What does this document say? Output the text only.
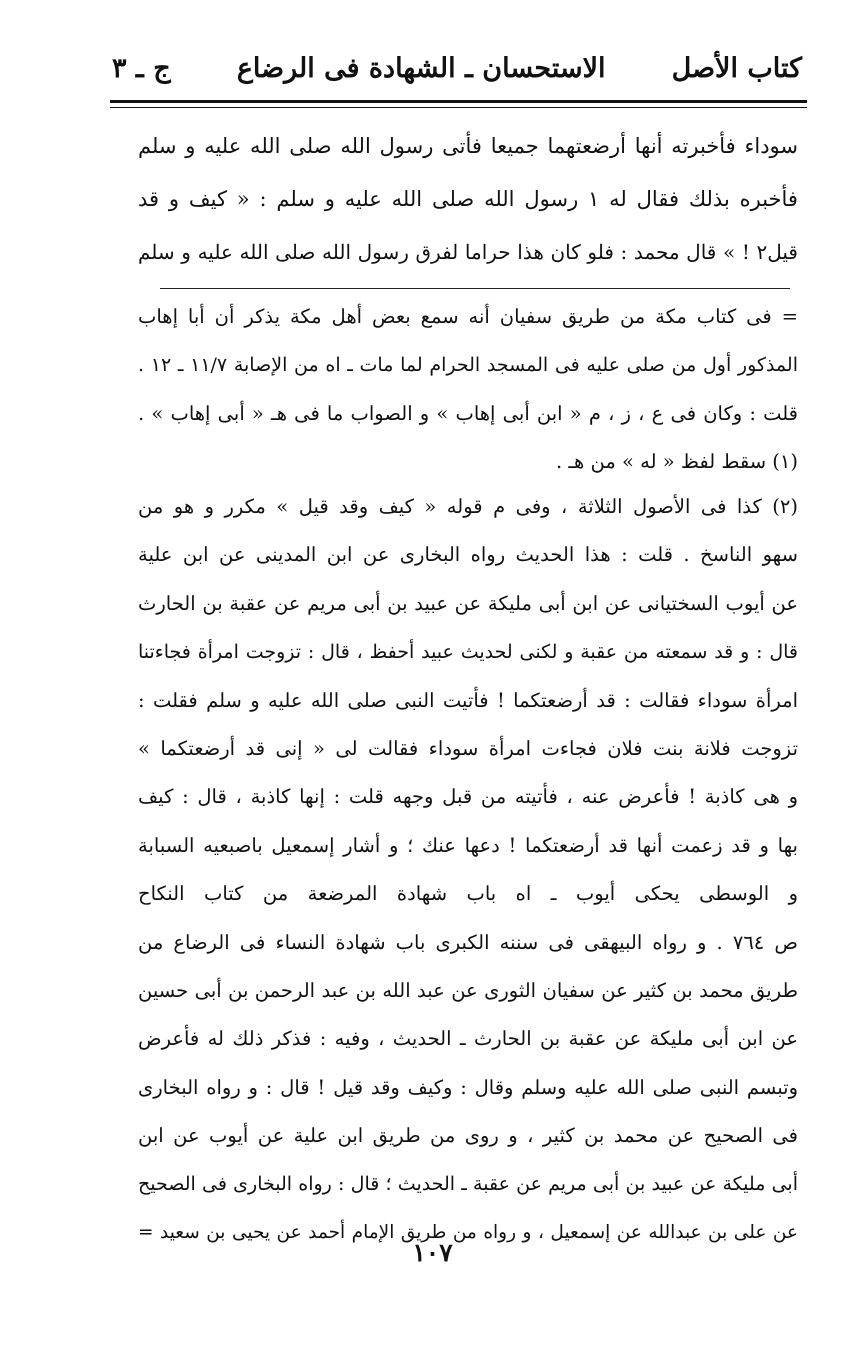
كتاب الأصل
الاستحسان ـ الشهادة فى الرضاع
ج ـ ٣
سوداء فأخبرته أنها أرضعتهما جميعا فأتى رسول الله صلى الله عليه و سلم
فأخبره بذلك فقال له ١ رسول الله صلى الله عليه و سلم : « كيف و قد
قيل٢ ! » قال محمد : فلو كان هذا حراما لفرق رسول الله صلى الله عليه و سلم
= فى كتاب مكة من طريق سفيان أنه سمع بعض أهل مكة يذكر أن أبا إهاب
المذكور أول من صلى عليه فى المسجد الحرام لما مات ـ اه من الإصابة ١١/٧ ـ ١٢ .
قلت : وكان فى ع ، ز ، م « ابن أبى إهاب » و الصواب ما فى هـ « أبى إهاب » .
(١) سقط لفظ « له » من هـ .
(٢) كذا فى الأصول الثلاثة ، وفى م قوله « كيف وقد قيل » مكرر و هو من
سهو الناسخ . قلت : هذا الحديث رواه البخارى عن ابن المدينى عن ابن علية
عن أيوب السختيانى عن ابن أبى مليكة عن عبيد بن أبى مريم عن عقبة بن الحارث
قال : و قد سمعته من عقبة و لكنى لحديث عبيد أحفظ ، قال : تزوجت امرأة فجاءتنا
امرأة سوداء فقالت : قد أرضعتكما ! فأتيت النبى صلى الله عليه و سلم فقلت :
تزوجت فلانة بنت فلان فجاءت امرأة سوداء فقالت لى « إنى قد أرضعتكما »
و هى كاذبة ! فأعرض عنه ، فأتيته من قبل وجهه قلت : إنها كاذبة ، قال : كيف
بها و قد زعمت أنها قد أرضعتكما ! دعها عنك ؛ و أشار إسمعيل باصبعيه السبابة
و الوسطى يحكى أيوب ـ اه باب شهادة المرضعة من كتاب النكاح
ص ٧٦٤ . و رواه البيهقى فى سننه الكبرى باب شهادة النساء فى الرضاع من
طريق محمد بن كثير عن سفيان الثورى عن عبد الله بن عبد الرحمن بن أبى حسين
عن ابن أبى مليكة عن عقبة بن الحارث ـ الحديث ، وفيه : فذكر ذلك له فأعرض
وتبسم النبى صلى الله عليه وسلم وقال : وكيف وقد قيل ! قال : و رواه البخارى
فى الصحيح عن محمد بن كثير ، و روى من طريق ابن علية عن أيوب عن ابن
أبى مليكة عن عبيد بن أبى مريم عن عقبة ـ الحديث ؛ قال : رواه البخارى فى الصحيح
عن على بن عبدالله عن إسمعيل ، و رواه من طريق الإمام أحمد عن يحيى بن سعيد =
١٠٧
